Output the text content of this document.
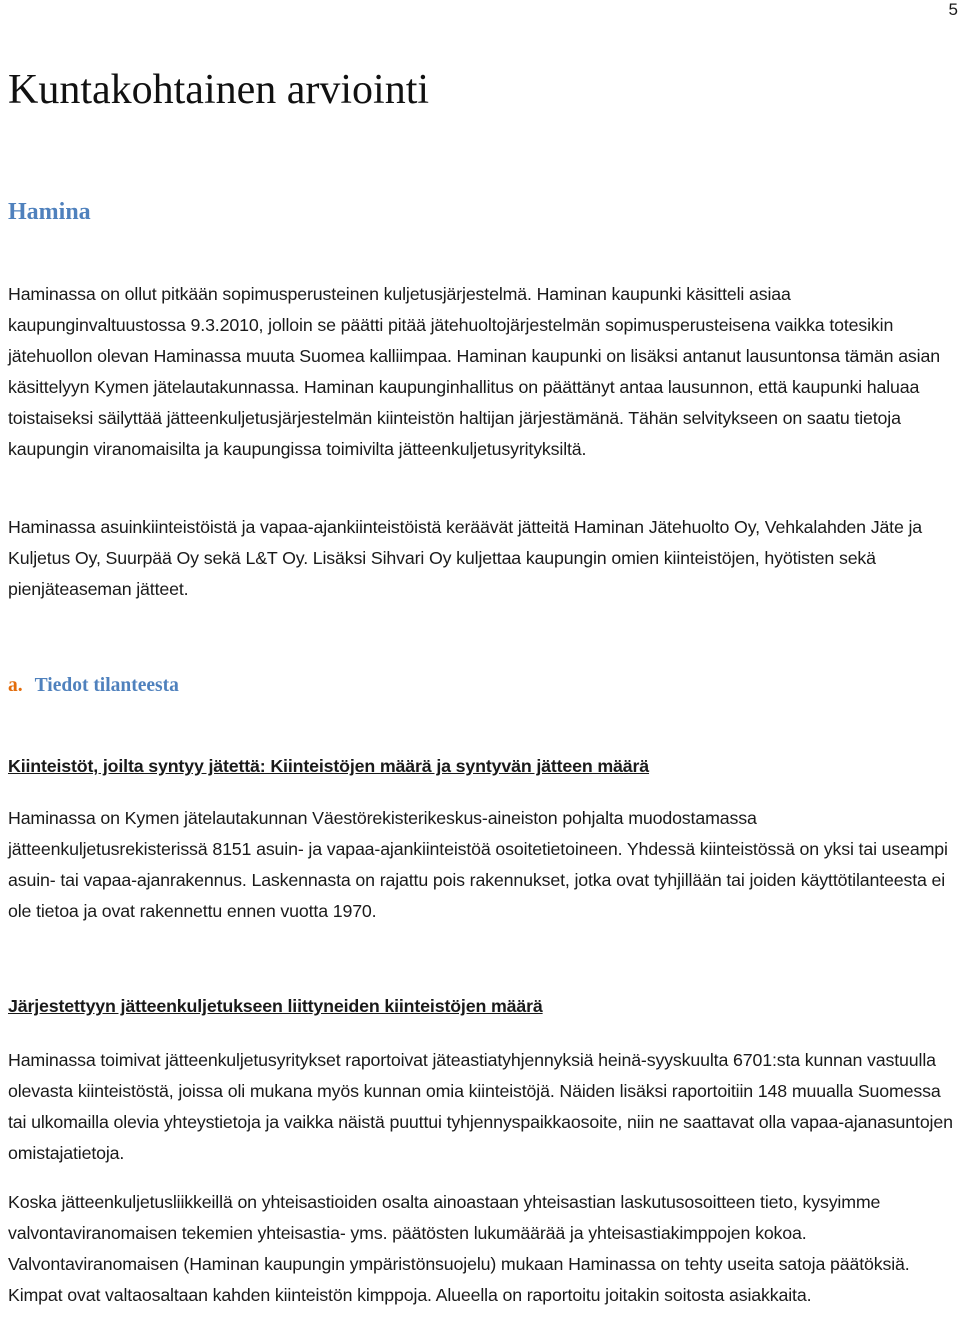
5
Kuntakohtainen arviointi
Hamina

Haminassa on ollut pitkään sopimusperusteinen kuljetusjärjestelmä. Haminan kaupunki käsitteli asiaa kaupunginvaltuustossa 9.3.2010, jolloin se päätti pitää jätehuoltojärjestelmän sopimusperusteisena vaikka totesikin jätehuollon olevan Haminassa muuta Suomea kalliimpaa. Haminan kaupunki on lisäksi antanut lausuntonsa tämän asian käsittelyyn Kymen jätelautakunnassa. Haminan kaupunginhallitus on päättänyt antaa lausunnon, että kaupunki haluaa toistaiseksi säilyttää jätteenkuljetusjärjestelmän kiinteistön haltijan järjestämänä. Tähän selvitykseen on saatu tietoja kaupungin viranomaisilta ja kaupungissa toimivilta jätteenkuljetusyrityksiltä.

Haminassa asuinkiinteistöistä ja vapaa-ajankiinteistöistä keräävät jätteitä Haminan Jätehuolto Oy, Vehkalahden Jäte ja Kuljetus Oy, Suurpää Oy sekä L&T Oy. Lisäksi Sihvari Oy kuljettaa kaupungin omien kiinteistöjen, hyötisten sekä pienjäteaseman jätteet.

a. Tiedot tilanteesta
Kiinteistöt, joilta syntyy jätettä: Kiinteistöjen määrä ja syntyvän jätteen määrä

Haminassa on Kymen jätelautakunnan Väestörekisterikeskus-aineiston pohjalta muodostamassa jätteenkuljetusrekisterissä 8151 asuin- ja vapaa-ajankiinteistöä osoitetietoineen. Yhdessä kiinteistössä on yksi tai useampi asuin- tai vapaa-ajanrakennus. Laskennasta on rajattu pois rakennukset, jotka ovat tyhjillään tai joiden käyttötilanteesta ei ole tietoa ja ovat rakennettu ennen vuotta 1970.

Järjestettyyn jätteenkuljetukseen liittyneiden kiinteistöjen määrä

Haminassa toimivat jätteenkuljetusyritykset raportoivat jäteastiatyhjennyksiä heinä-syyskuulta 6701:sta kunnan vastuulla olevasta kiinteistöstä, joissa oli mukana myös kunnan omia kiinteistöjä. Näiden lisäksi raportoitiin 148 muualla Suomessa tai ulkomailla olevia yhteystietoja ja vaikka näistä puuttui tyhjennyspaikkaosoite, niin ne saattavat olla vapaa-ajanasuntojen omistajatietoja.

Koska jätteenkuljetusliikkeillä on yhteisastioiden osalta ainoastaan yhteisastian laskutusosoitteen tieto, kysyimme valvontaviranomaisen tekemien yhteisastia- yms. päätösten lukumäärää ja yhteisastiakimppojen kokoa. Valvontaviranomaisen (Haminan kaupungin ympäristönsuojelu) mukaan Haminassa on tehty useita satoja päätöksiä. Kimpat ovat valtaosaltaan kahden kiinteistön kimppoja. Alueella on raportoitu joitakin soitosta asiakkaita.
